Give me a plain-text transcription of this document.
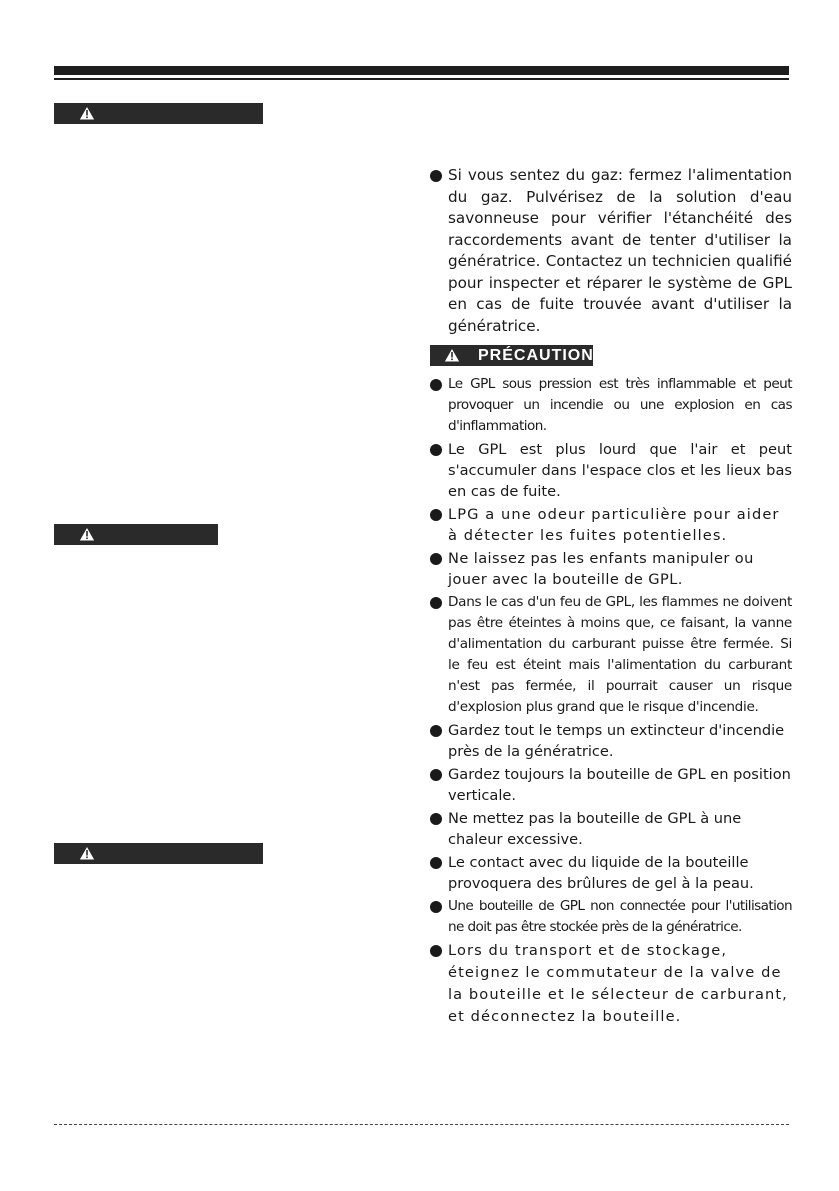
Si vous sentez du gaz: fermez l'alimentation du gaz. Pulvérisez de la solution d'eau savonneuse pour vérifier l'étanchéité des raccordements avant de tenter d'utiliser la génératrice. Contactez un technicien qualifié pour inspecter et réparer le système de GPL en cas de fuite trouvée avant d'utiliser la génératrice.

PRÉCAUTION

Le GPL sous pression est très inflammable et peut provoquer un incendie ou une explosion en cas d'inflammation.

Le GPL est plus lourd que l'air et peut s'accumuler dans l'espace clos et les lieux bas en cas de fuite.

LPG a une odeur particulière pour aider à détecter les fuites potentielles.

Ne laissez pas les enfants manipuler ou jouer avec la bouteille de GPL.

Dans le cas d'un feu de GPL, les flammes ne doivent pas être éteintes à moins que, ce faisant, la vanne d'alimentation du carburant puisse être fermée. Si le feu est éteint mais l'alimentation du carburant n'est pas fermée, il pourrait causer un risque d'explosion plus grand que le risque d'incendie.

Gardez tout le temps un extincteur d'incendie près de la génératrice.

Gardez toujours la bouteille de GPL en position verticale.

Ne mettez pas la bouteille de GPL à une chaleur excessive.

Le contact avec du liquide de la bouteille provoquera des brûlures de gel à la peau.

Une bouteille de GPL non connectée pour l'utilisation ne doit pas être stockée près de la génératrice.

Lors du transport et de stockage, éteignez le commutateur de la valve de la bouteille et le sélecteur de carburant, et déconnectez la bouteille.
